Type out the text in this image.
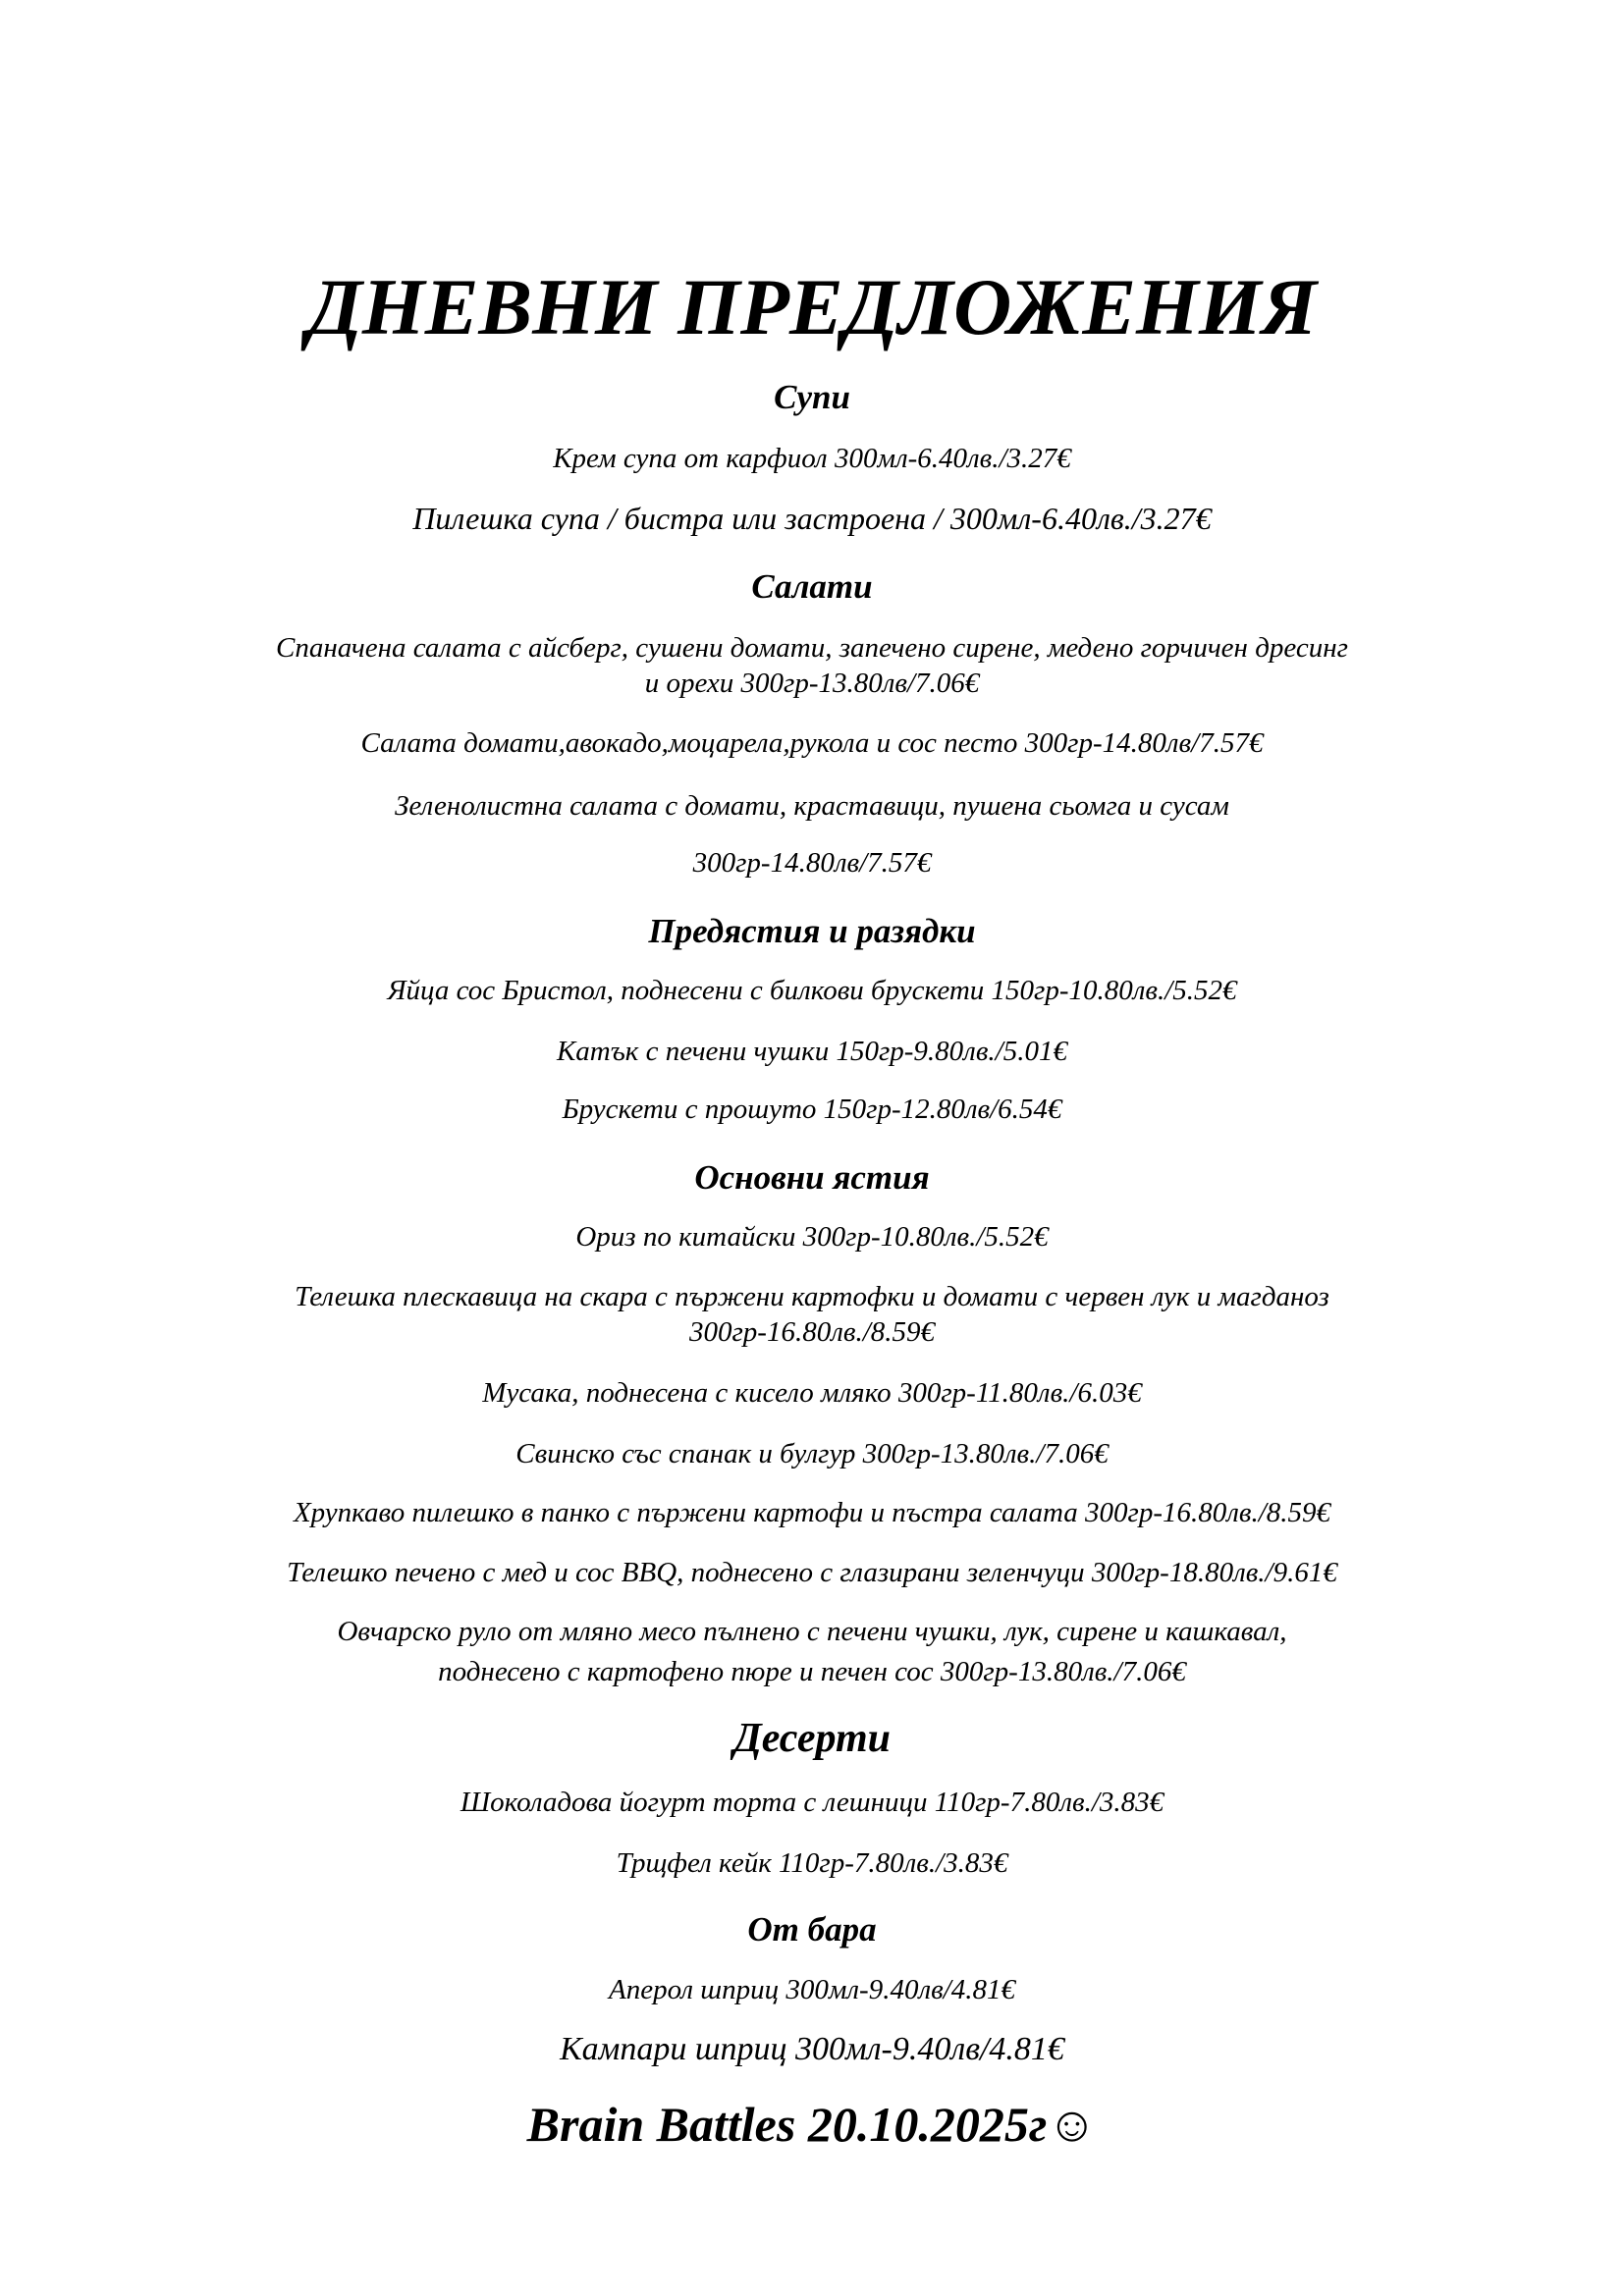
ДНЕВНИ ПРЕДЛОЖЕНИЯ
Супи
Крем супа от карфиол 300мл-6.40лв./3.27€
Пилешка супа / бистра или застроена / 300мл-6.40лв./3.27€
Салати
Спаначена салата с айсберг, сушени домати, запечено сирене, медено горчичен дресинг
и орехи 300гр-13.80лв/7.06€
Салата домати,авокадо,моцарела,рукола и сос песто 300гр-14.80лв/7.57€
Зеленолистна салата с домати, краставици, пушена сьомга и сусам
300гр-14.80лв/7.57€
Предястия и разядки
Яйца сос Бристол, поднесени с билкови брускети 150гр-10.80лв./5.52€
Катък с печени чушки 150гр-9.80лв./5.01€
Брускети с прошуто 150гр-12.80лв/6.54€
Основни ястия
Ориз по китайски 300гр-10.80лв./5.52€
Телешка плескавица на скара с пържени картофки и домати с червен лук и магданоз
300гр-16.80лв./8.59€
Мусака, поднесена с кисело мляко 300гр-11.80лв./6.03€
Свинско със спанак и булгур 300гр-13.80лв./7.06€
Хрупкаво пилешко в панко с пържени картофи и пъстра салата 300гр-16.80лв./8.59€
Телешко печено с мед и сос BBQ, поднесено с глазирани зеленчуци 300гр-18.80лв./9.61€
Овчарско руло от мляно месо пълнено с печени чушки, лук, сирене и кашкавал,
поднесено с картофено пюре и печен сос 300гр-13.80лв./7.06€
Десерти
Шоколадова йогурт торта с лешници 110гр-7.80лв./3.83€
Трщфел кейк 110гр-7.80лв./3.83€
От бара
Аперол шприц 300мл-9.40лв/4.81€
Кампари шприц 300мл-9.40лв/4.81€
Brain Battles 20.10.2025г☺
